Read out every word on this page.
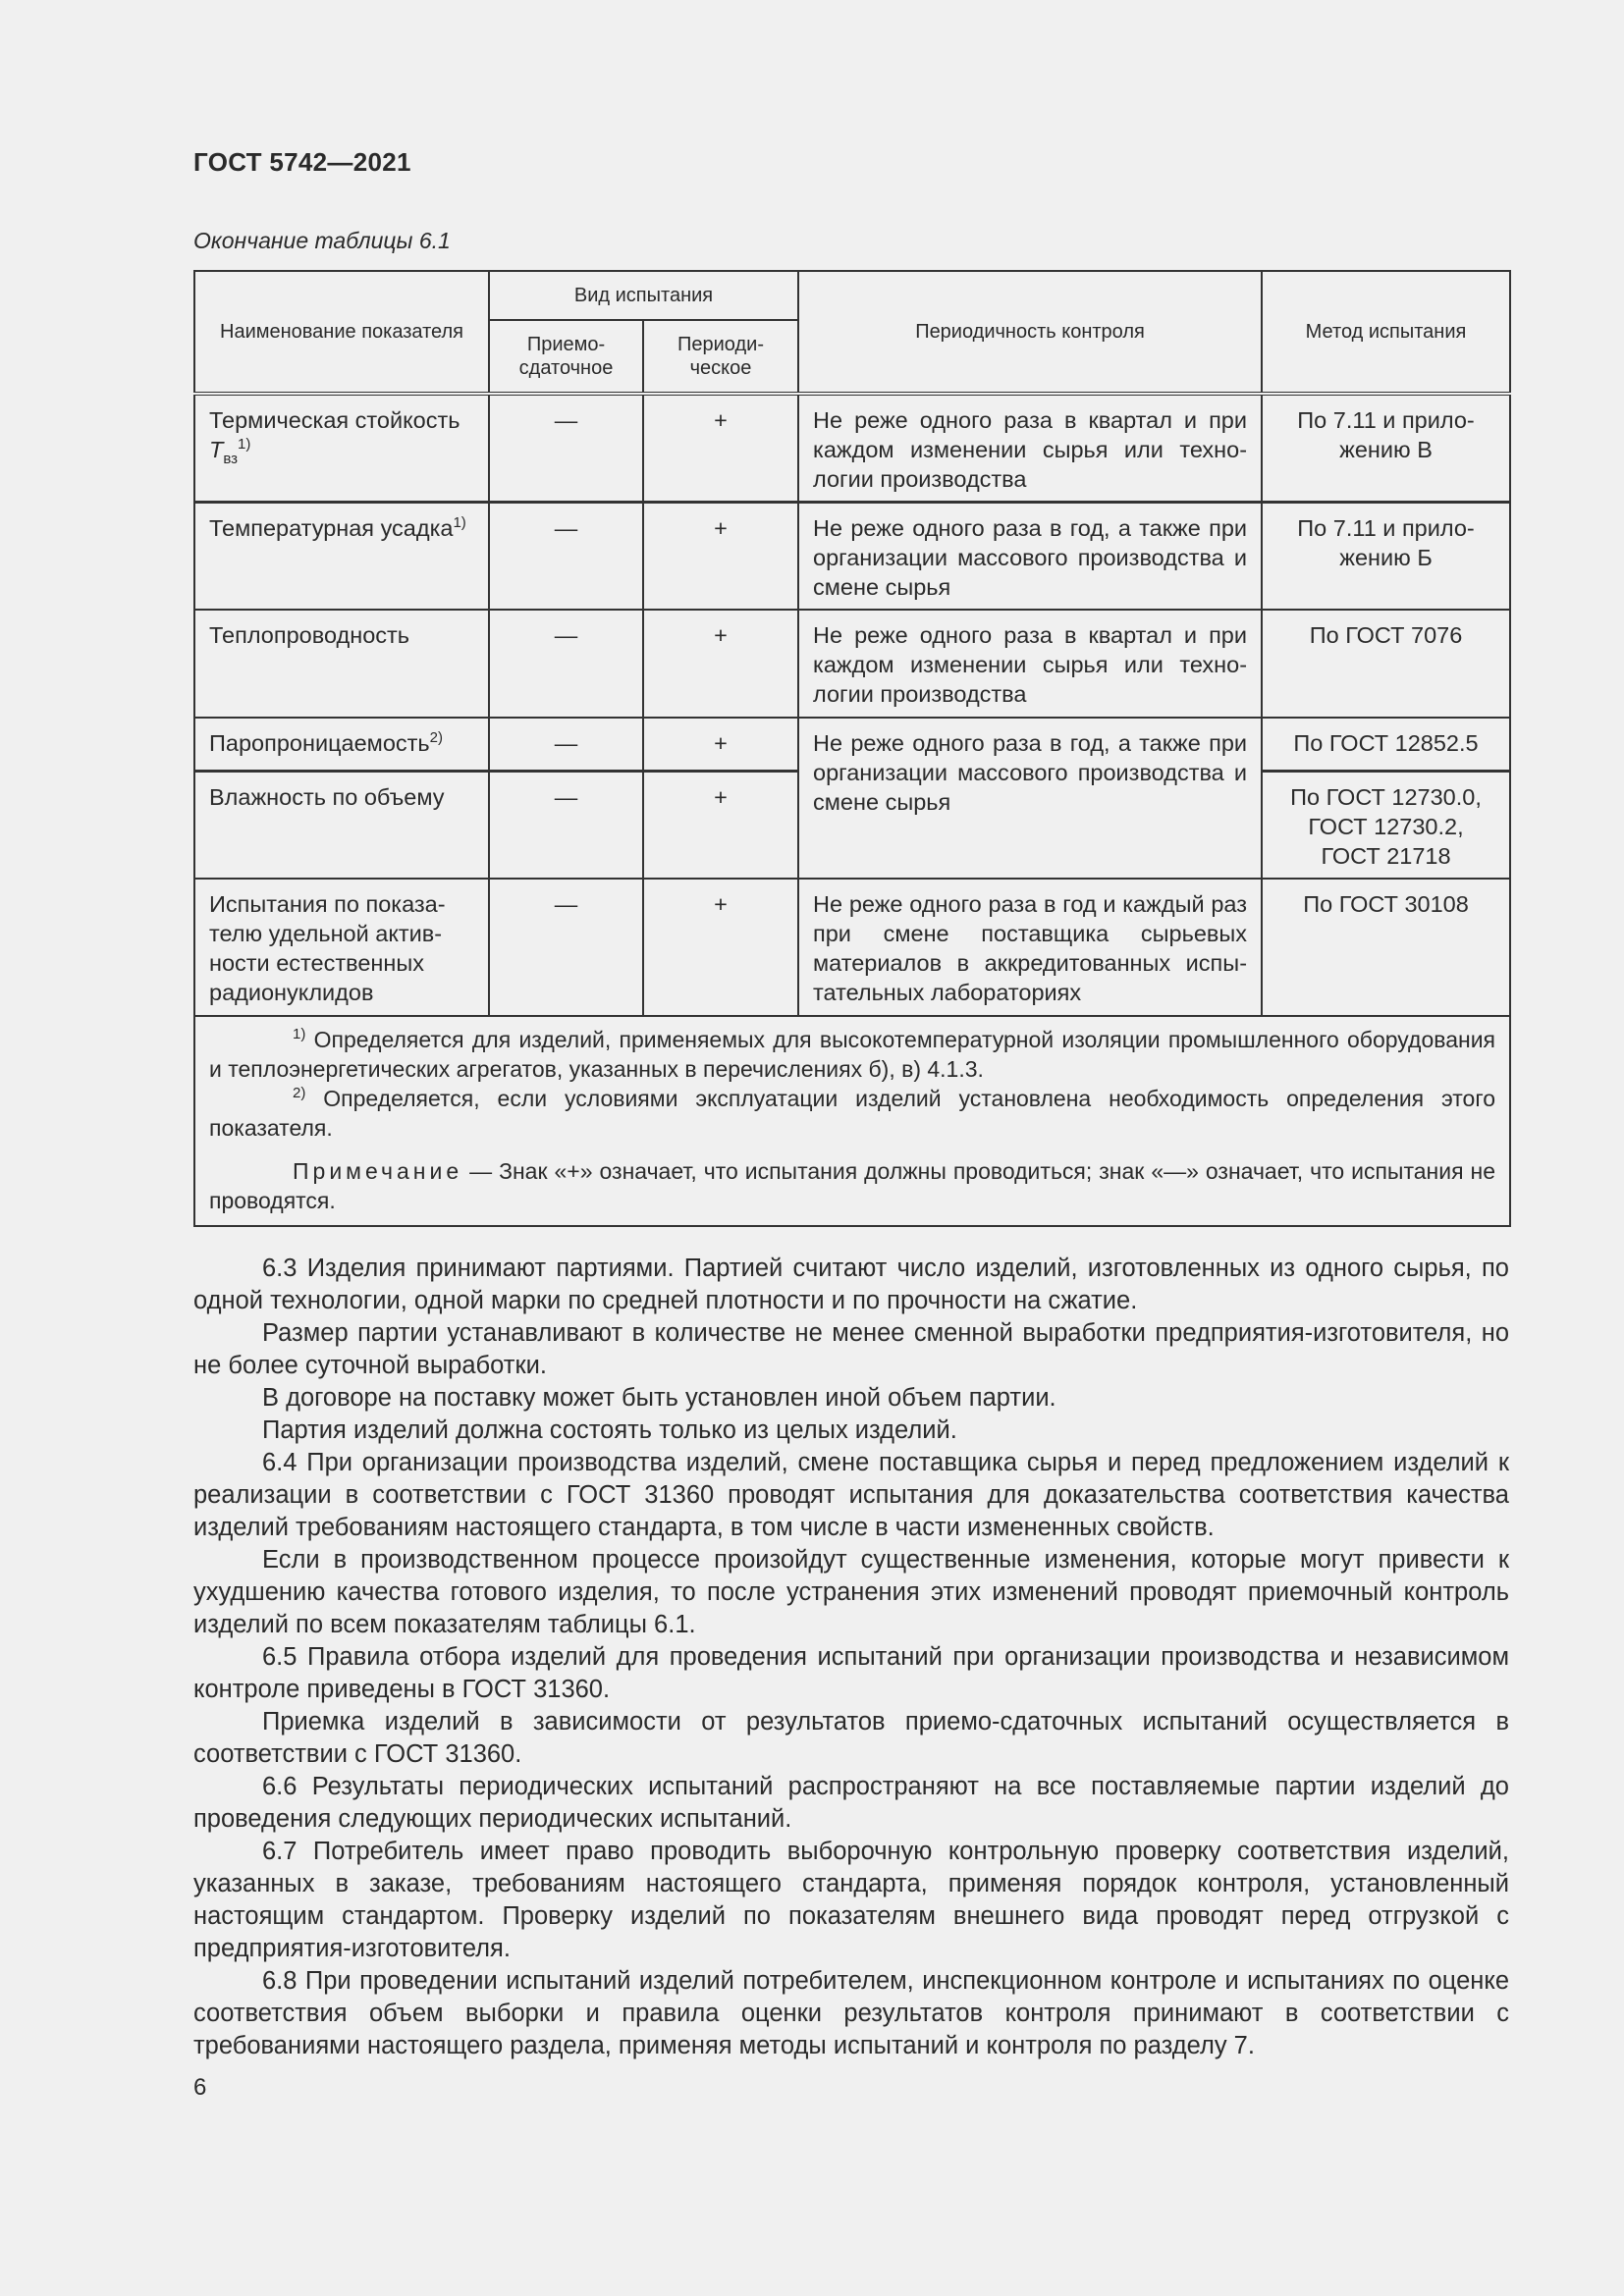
ГОСТ 5742—2021
Окончание таблицы 6.1
Наименование показателя	Вид испытания		Периодичность контроля	Метод испытания
	Приемо-сдаточное	Периоди-ческое		
Термическая стойкость $T_{вз}^{1)}$	—	+	Не реже одного раза в квартал и при каждом изменении сырья или технологии производства	По 7.11 и приложению В
Температурная усадка$^{1)}$	—	+	Не реже одного раза в год, а также при организации массового производства и смене сырья	По 7.11 и приложению Б
Теплопроводность	—	+	Не реже одного раза в квартал и при каждом изменении сырья или технологии производства	По ГОСТ 7076
Паропроницаемость$^{2)}$	—	+	Не реже одного раза в год, а также при организации массового производства и смене сырья	По ГОСТ 12852.5
Влажность по объему	—	+		По ГОСТ 12730.0, ГОСТ 12730.2, ГОСТ 21718
Испытания по показателю удельной активности естественных радионуклидов	—	+	Не реже одного раза в год и каждый раз при смене поставщика сырьевых материалов в аккредитованных испытательных лабораториях	По ГОСТ 30108

$^{1)}$ Определяется для изделий, применяемых для высокотемпературной изоляции промышленного оборудования и теплоэнергетических агрегатов, указанных в перечислениях б), в) 4.1.3.

$^{2)}$ Определяется, если условиями эксплуатации изделий установлена необходимость определения этого показателя.

Примечание — Знак «+» означает, что испытания должны проводиться; знак «—» означает, что испытания не проводятся.				

6.3 Изделия принимают партиями. Партией считают число изделий, изготовленных из одного сырья, по одной технологии, одной марки по средней плотности и по прочности на сжатие.

Размер партии устанавливают в количестве не менее сменной выработки предприятия-изготовителя, но не более суточной выработки.

В договоре на поставку может быть установлен иной объем партии.

Партия изделий должна состоять только из целых изделий.

6.4 При организации производства изделий, смене поставщика сырья и перед предложением изделий к реализации в соответствии с ГОСТ 31360 проводят испытания для доказательства соответствия качества изделий требованиям настоящего стандарта, в том числе в части измененных свойств.

Если в производственном процессе произойдут существенные изменения, которые могут привести к ухудшению качества готового изделия, то после устранения этих изменений проводят приемочный контроль изделий по всем показателям таблицы 6.1.

6.5 Правила отбора изделий для проведения испытаний при организации производства и независимом контроле приведены в ГОСТ 31360.

Приемка изделий в зависимости от результатов приемо-сдаточных испытаний осуществляется в соответствии с ГОСТ 31360.

6.6 Результаты периодических испытаний распространяют на все поставляемые партии изделий до проведения следующих периодических испытаний.

6.7 Потребитель имеет право проводить выборочную контрольную проверку соответствия изделий, указанных в заказе, требованиям настоящего стандарта, применяя порядок контроля, установленный настоящим стандартом. Проверку изделий по показателям внешнего вида проводят перед отгрузкой с предприятия-изготовителя.

6.8 При проведении испытаний изделий потребителем, инспекционном контроле и испытаниях по оценке соответствия объем выборки и правила оценки результатов контроля принимают в соответствии с требованиями настоящего раздела, применяя методы испытаний и контроля по разделу 7.

6
